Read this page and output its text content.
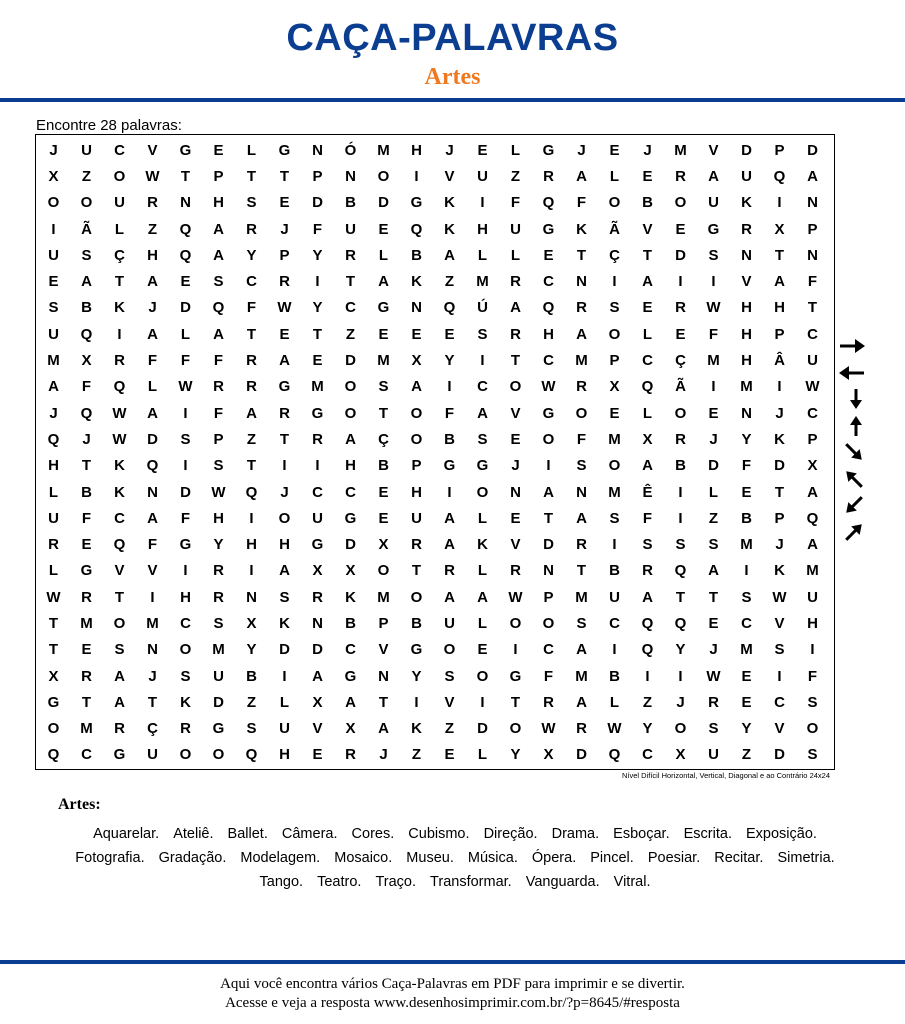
CAÇA-PALAVRAS
Artes
Encontre 28 palavras:
J	U	C	V	G	E	L	G	N	Ó	M	H	J	E	L	G	J	E	J	M	V	D	P	D
X	Z	O	W	T	P	T	T	P	N	O	I	V	U	Z	R	A	L	E	R	A	U	Q	A
O	O	U	R	N	H	S	E	D	B	D	G	K	I	F	Q	F	O	B	O	U	K	I	N
I	Ã	L	Z	Q	A	R	J	F	U	E	Q	K	H	U	G	K	Ã	V	E	G	R	X	P
U	S	Ç	H	Q	A	Y	P	Y	R	L	B	A	L	L	E	T	Ç	T	D	S	N	T	N
E	A	T	A	E	S	C	R	I	T	A	K	Z	M	R	C	N	I	A	I	I	V	A	F
S	B	K	J	D	Q	F	W	Y	C	G	N	Q	Ú	A	Q	R	S	E	R	W	H	H	T
U	Q	I	A	L	A	T	E	T	Z	E	E	E	S	R	H	A	O	L	E	F	H	P	C
M	X	R	F	F	F	R	A	E	D	M	X	Y	I	T	C	M	P	C	Ç	M	H	Â	U
A	F	Q	L	W	R	R	G	M	O	S	A	I	C	O	W	R	X	Q	Ã	I	M	I	W
J	Q	W	A	I	F	A	R	G	O	T	O	F	A	V	G	O	E	L	O	E	N	J	C
Q	J	W	D	S	P	Z	T	R	A	Ç	O	B	S	E	O	F	M	X	R	J	Y	K	P
H	T	K	Q	I	S	T	I	I	H	B	P	G	G	J	I	S	O	A	B	D	F	D	X
L	B	K	N	D	W	Q	J	C	C	E	H	I	O	N	A	N	M	Ê	I	L	E	T	A
U	F	C	A	F	H	I	O	U	G	E	U	A	L	E	T	A	S	F	I	Z	B	P	Q
R	E	Q	F	G	Y	H	H	G	D	X	R	A	K	V	D	R	I	S	S	S	M	J	A
L	G	V	V	I	R	I	A	X	X	O	T	R	L	R	N	T	B	R	Q	A	I	K	M
W	R	T	I	H	R	N	S	R	K	M	O	A	A	W	P	M	U	A	T	T	S	W	U
T	M	O	M	C	S	X	K	N	B	P	B	U	L	O	O	S	C	Q	Q	E	C	V	H
T	E	S	N	O	M	Y	D	D	C	V	G	O	E	I	C	A	I	Q	Y	J	M	S	I
X	R	A	J	S	U	B	I	A	G	N	Y	S	O	G	F	M	B	I	I	W	E	I	F
G	T	A	T	K	D	Z	L	X	A	T	I	V	I	T	R	A	L	Z	J	R	E	C	S
O	M	R	Ç	R	G	S	U	V	X	A	K	Z	D	O	W	R	W	Y	O	S	Y	V	O
Q	C	G	U	O	O	Q	H	E	R	J	Z	E	L	Y	X	D	Q	C	X	U	Z	D	S
Nível Difícil Horizontal, Vertical, Diagonal e ao Contrário 24x24
Artes:
Aquarelar. Ateliê. Ballet. Câmera. Cores. Cubismo. Direção. Drama. Esboçar. Escrita. Exposição. Fotografia. Gradação. Modelagem. Mosaico. Museu. Música. Ópera. Pincel. Poesiar. Recitar. Simetria. Tango. Teatro. Traço. Transformar. Vanguarda. Vitral.
Aqui você encontra vários Caça-Palavras em PDF para imprimir e se divertir.
Acesse e veja a resposta www.desenhosimprimir.com.br/?p=8645/#resposta
